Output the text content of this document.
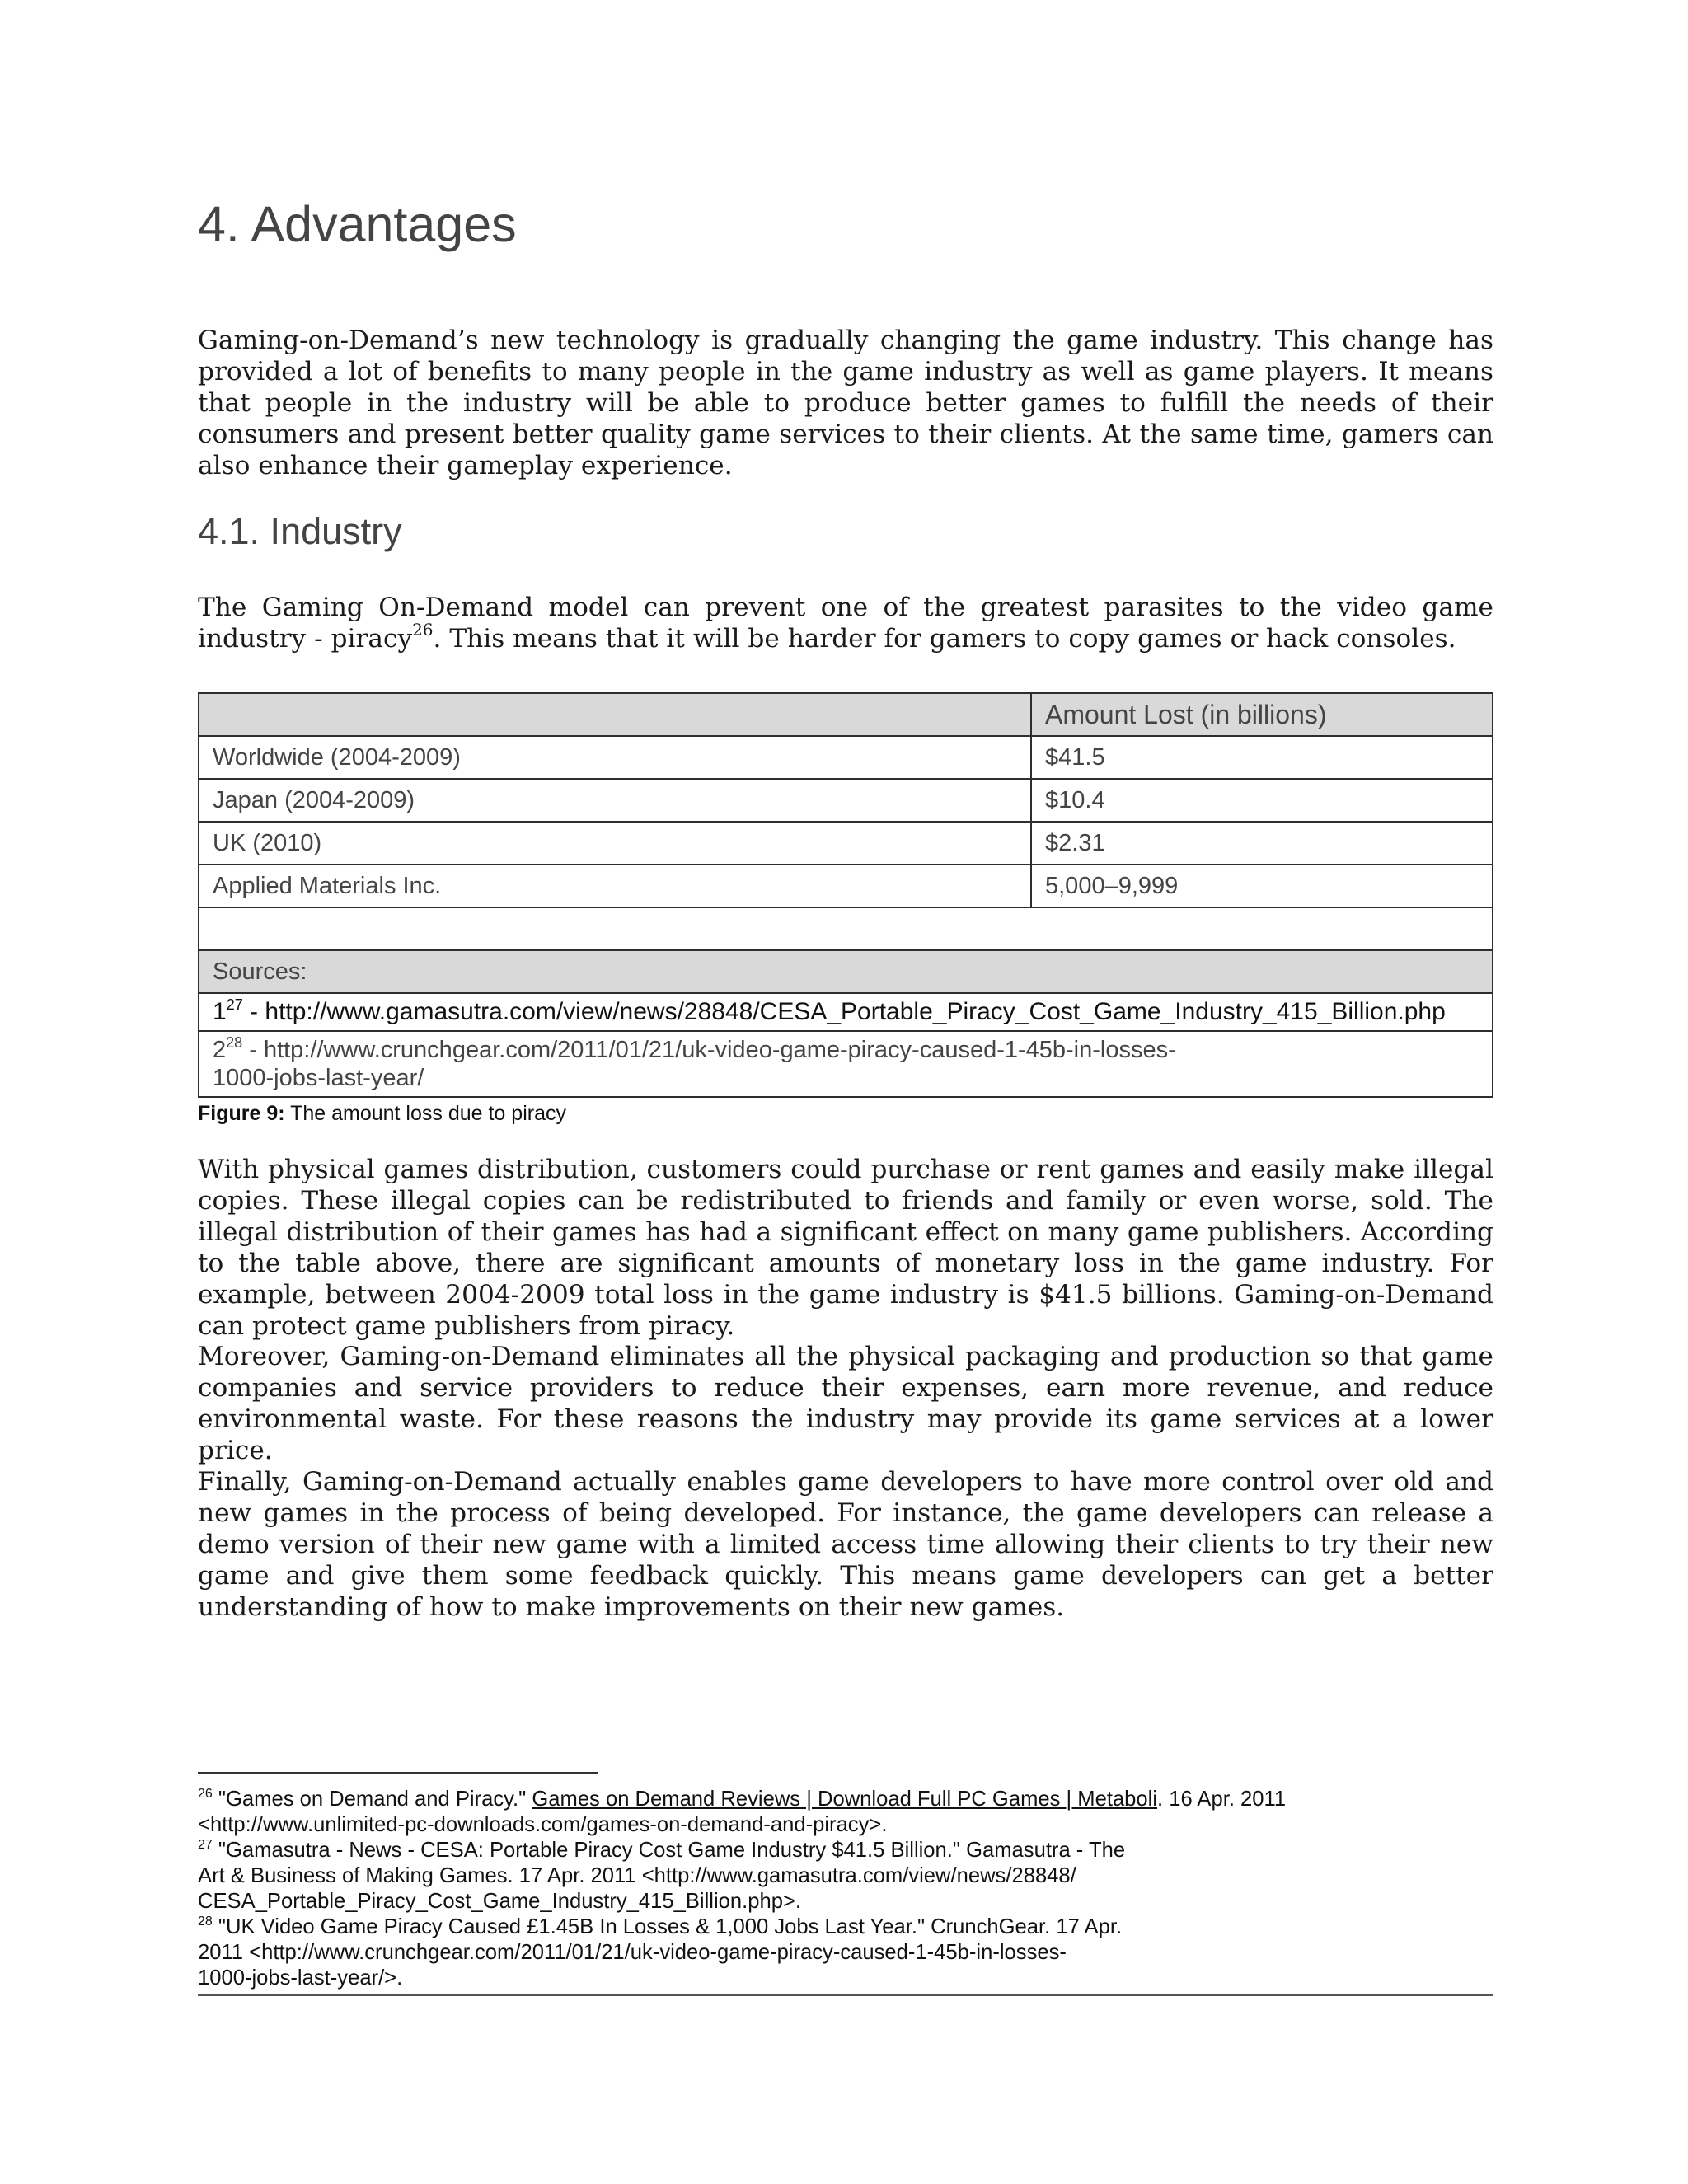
4. Advantages

Gaming-on-Demand’s new technology is gradually changing the game industry. This change has provided a lot of benefits to many people in the game industry as well as game players. It means that people in the industry will be able to produce better games to fulfill the needs of their consumers and present better quality game services to their clients. At the same time, gamers can also enhance their gameplay experience.

4.1. Industry

The Gaming On-Demand model can prevent one of the greatest parasites to the video game industry - piracy$^{26}$. This means that it will be harder for gamers to copy games or hack consoles.

	Amount Lost (in billions)
Worldwide (2004-2009)	$41.5
Japan (2004-2009)	$10.4
UK (2010)	$2.31
Applied Materials Inc.	5,000–9,999

Sources:	
$1^{27}$ - http://www.gamasutra.com/view/news/28848/CESA_Portable_Piracy_Cost_Game_Industry_415_Billion.php	
$2^{28}$ - http://www.crunchgear.com/2011/01/21/uk-video-game-piracy-caused-1-45b-in-losses-
1000-jobs-last-year/	

Figure 9: The amount loss due to piracy

With physical games distribution, customers could purchase or rent games and easily make illegal copies. These illegal copies can be redistributed to friends and family or even worse, sold. The illegal distribution of their games has had a significant effect on many game publishers. According to the table above, there are significant amounts of monetary loss in the game industry. For example, between 2004-2009 total loss in the game industry is $41.5 billions. Gaming-on-Demand can protect game publishers from piracy.

Moreover, Gaming-on-Demand eliminates all the physical packaging and production so that game companies and service providers to reduce their expenses, earn more revenue, and reduce environmental waste. For these reasons the industry may provide its game services at a lower price.

Finally, Gaming-on-Demand actually enables game developers to have more control over old and new games in the process of being developed. For instance, the game developers can release a demo version of their new game with a limited access time allowing their clients to try their new game and give them some feedback quickly. This means game developers can get a better understanding of how to make improvements on their new games.

$^{26}$ "Games on Demand and Piracy." Games on Demand Reviews | Download Full PC Games | Metaboli. 16 Apr. 2011
<http://www.unlimited-pc-downloads.com/games-on-demand-and-piracy>.
$^{27}$ "Gamasutra - News - CESA: Portable Piracy Cost Game Industry $41.5 Billion." Gamasutra - The
Art & Business of Making Games. 17 Apr. 2011 <http://www.gamasutra.com/view/news/28848/
CESA_Portable_Piracy_Cost_Game_Industry_415_Billion.php>.
$^{28}$ "UK Video Game Piracy Caused £1.45B In Losses & 1,000 Jobs Last Year." CrunchGear. 17 Apr.
2011 <http://www.crunchgear.com/2011/01/21/uk-video-game-piracy-caused-1-45b-in-losses-
1000-jobs-last-year/>.
